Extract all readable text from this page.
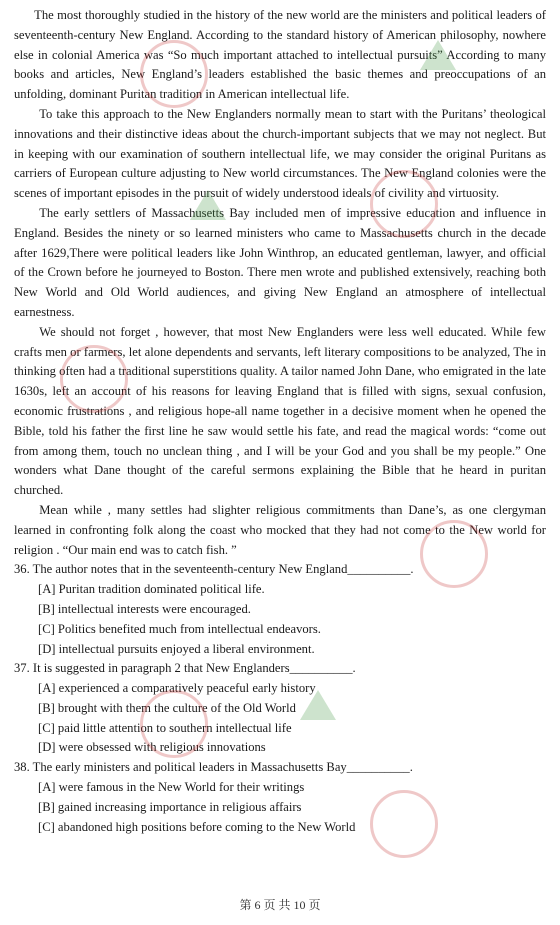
The most thoroughly studied in the history of the new world are the ministers and political leaders of seventeenth-century New England. According to the standard history of American philosophy, nowhere else in colonial America was “So much important attached to intellectual pursuits” According to many books and articles, New England’s leaders established the basic themes and preoccupations of an unfolding, dominant Puritan tradition in American intellectual life.

To take this approach to the New Englanders normally mean to start with the Puritans’ theological innovations and their distinctive ideas about the church-important subjects that we may not neglect. But in keeping with our examination of southern intellectual life, we may consider the original Puritans as carriers of European culture adjusting to New world circumstances. The New England colonies were the scenes of important episodes in the pursuit of widely understood ideals of civility and virtuosity.

The early settlers of Massachusetts Bay included men of impressive education and influence in England. Besides the ninety or so learned ministers who came to Massachusetts church in the decade after 1629,There were political leaders like John Winthrop, an educated gentleman, lawyer, and official of the Crown before he journeyed to Boston. There men wrote and published extensively, reaching both New World and Old World audiences, and giving New England an atmosphere of intellectual earnestness.

We should not forget , however, that most New Englanders were less well educated. While few crafts men or farmers, let alone dependents and servants, left literary compositions to be analyzed, The in thinking often had a traditional superstitions quality. A tailor named John Dane, who emigrated in the late 1630s, left an account of his reasons for leaving England that is filled with signs, sexual confusion, economic frustrations , and religious hope-all name together in a decisive moment when he opened the Bible, told his father the first line he saw would settle his fate, and read the magical words: “come out from among them, touch no unclean thing , and I will be your God and you shall be my people.” One wonders what Dane thought of the careful sermons explaining the Bible that he heard in puritan churched.

Mean while , many settles had slighter religious commitments than Dane’s, as one clergyman learned in confronting folk along the coast who mocked that they had not come to the New world for religion . “Our main end was to catch fish. ”

36. The author notes that in the seventeenth-century New England__________.

[A] Puritan tradition dominated political life.

[B] intellectual interests were encouraged.

[C] Politics benefited much from intellectual endeavors.

[D] intellectual pursuits enjoyed a liberal environment.

37. It is suggested in paragraph 2 that New Englanders__________.

[A] experienced a comparatively peaceful early history

[B] brought with them the culture of the Old World

[C] paid little attention to southern intellectual life

[D] were obsessed with religious innovations

38. The early ministers and political leaders in Massachusetts Bay__________.

[A] were famous in the New World for their writings

[B] gained increasing importance in religious affairs

[C] abandoned high positions before coming to the New World

第 6 页 共 10 页
